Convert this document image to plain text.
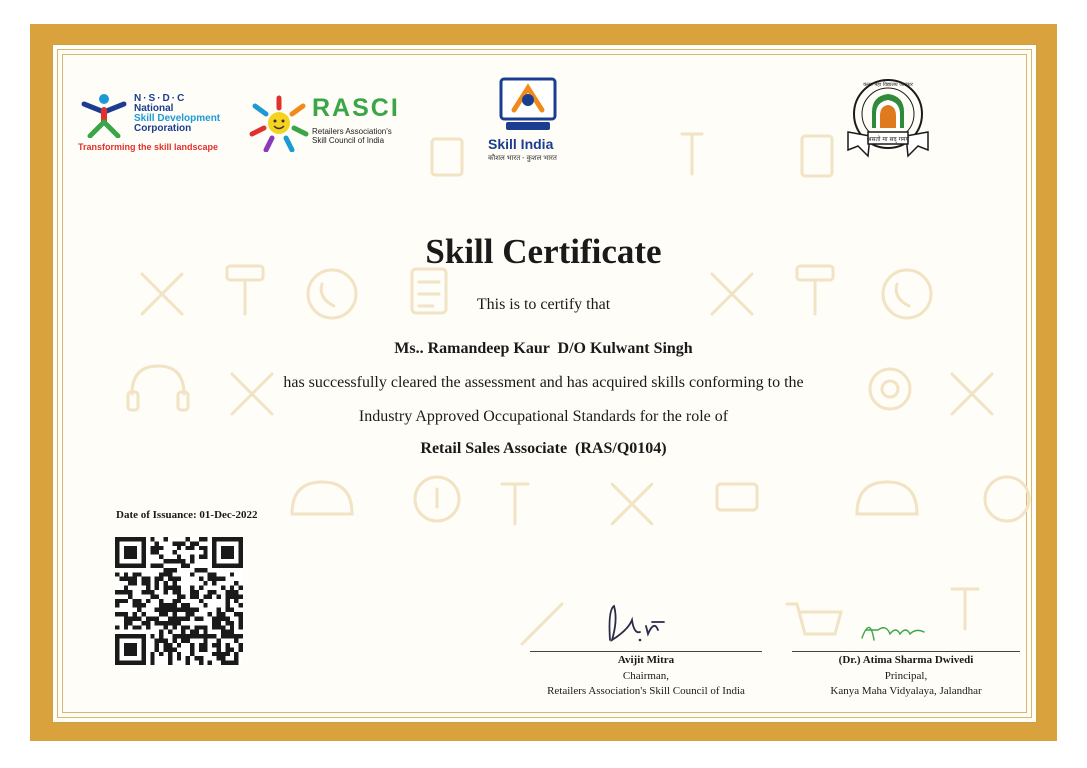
N·S·D·C
National
Skill Development
Corporation
Transforming the skill landscape
RASCI
Retailers Association's
Skill Council of India	Skill India
कौशल भारत - कुशल भारत
असतो मा सद् गमय
कन्या महा विद्यालय जालंधर
Skill Certificate
This is to certify that
Ms.. Ramandeep Kaur  D/O Kulwant Singh
has successfully cleared the assessment and has acquired skills conforming to the
Industry Approved Occupational Standards for the role of
Retail Sales Associate  (RAS/Q0104)
Date of Issuance: 01-Dec-2022
Avijit Mitra
Chairman,
Retailers Association's Skill Council of India
(Dr.) Atima Sharma Dwivedi
Principal,
Kanya Maha Vidyalaya, Jalandhar
